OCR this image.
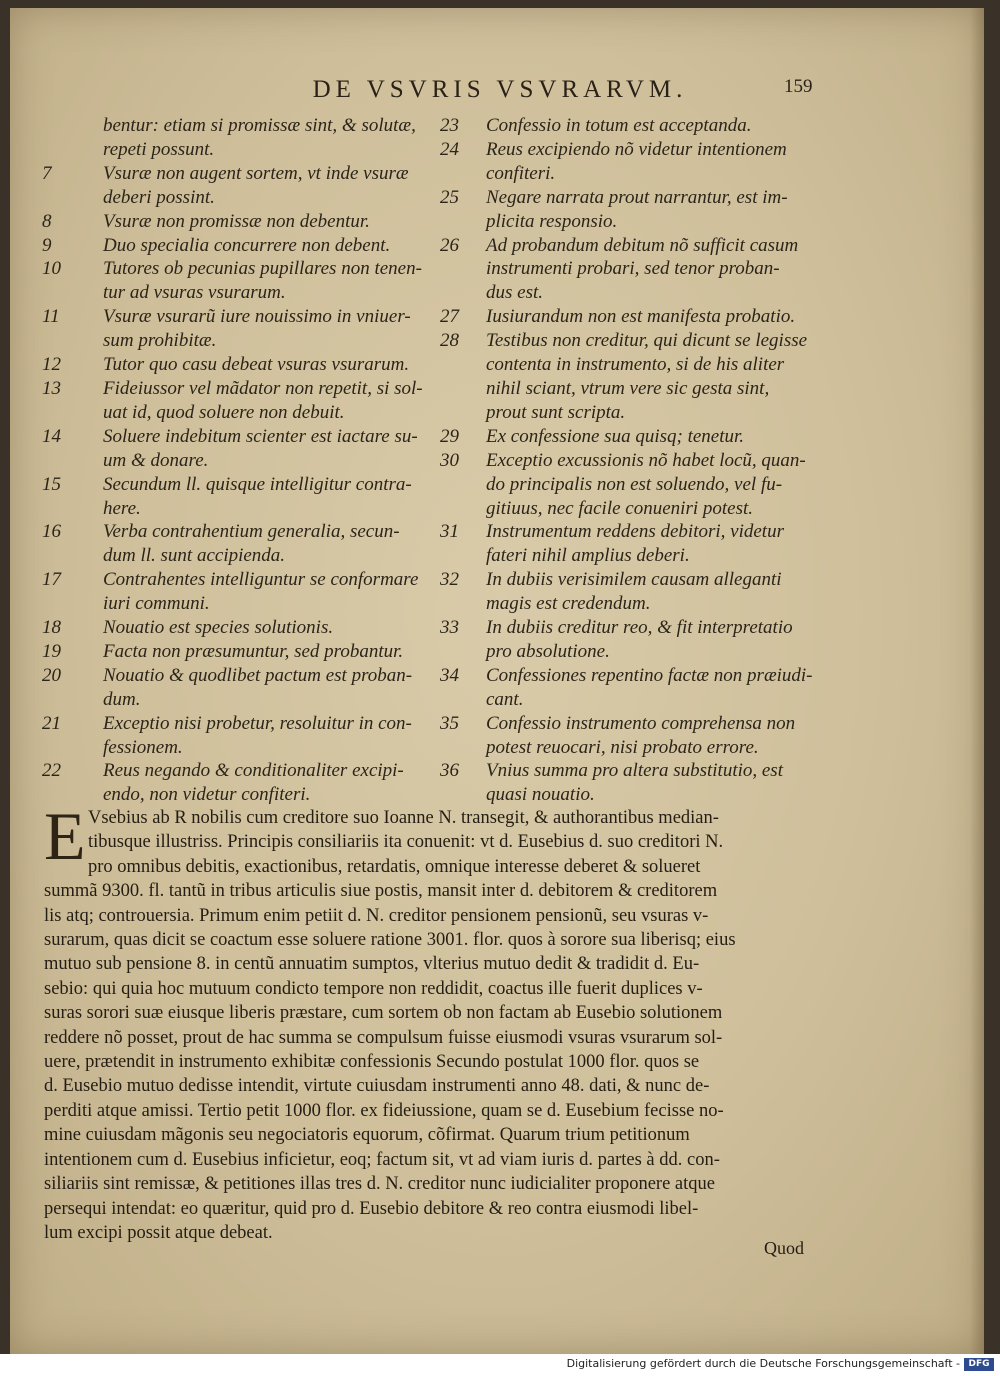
DE VSVRIS VSVRARVM.	159
bentur: etiam si promissæ sint, & solutæ,
repeti possunt.
7	Vsuræ non augent sortem, vt inde vsuræ
deberi possint.
8	Vsuræ non promissæ non debentur.
9	Duo specialia concurrere non debent.
10	Tutores ob pecunias pupillares non tenen-
tur ad vsuras vsurarum.
11	Vsuræ vsurarũ iure nouissimo in vniuer-
sum prohibitæ.
12	Tutor quo casu debeat vsuras vsurarum.
13	Fideiussor vel mãdator non repetit, si sol-
uat id, quod soluere non debuit.
14	Soluere indebitum scienter est iactare su-
um & donare.
15	Secundum ll. quisque intelligitur contra-
here.
16	Verba contrahentium generalia, secun-
dum ll. sunt accipienda.
17	Contrahentes intelliguntur se conformare
iuri communi.
18	Nouatio est species solutionis.
19	Facta non præsumuntur, sed probantur.
20	Nouatio & quodlibet pactum est proban-
dum.
21	Exceptio nisi probetur, resoluitur in con-
fessionem.
22	Reus negando & conditionaliter excipi-
endo, non videtur confiteri.
23	Confessio in totum est acceptanda.
24	Reus excipiendo nõ videtur intentionem
confiteri.
25	Negare narrata prout narrantur, est im-
plicita responsio.
26	Ad probandum debitum nõ sufficit casum
instrumenti probari, sed tenor proban-
dus est.
27	Iusiurandum non est manifesta probatio.
28	Testibus non creditur, qui dicunt se legisse
contenta in instrumento, si de his aliter
nihil sciant, vtrum vere sic gesta sint,
prout sunt scripta.
29	Ex confessione sua quisq; tenetur.
30	Exceptio excussionis nõ habet locũ, quan-
do principalis non est soluendo, vel fu-
gitiuus, nec facile conueniri potest.
31	Instrumentum reddens debitori, videtur
fateri nihil amplius deberi.
32	In dubiis verisimilem causam alleganti
magis est credendum.
33	In dubiis creditur reo, & fit interpretatio
pro absolutione.
34	Confessiones repentino factæ non præiudi-
cant.
35	Confessio instrumento comprehensa non
potest reuocari, nisi probato errore.
36	Vnius summa pro altera substitutio, est
quasi nouatio.
E Vsebius ab R nobilis cum creditore suo Ioanne N. transegit, & authorantibus median-
tibusque illustriss. Principis consiliariis ita conuenit: vt d. Eusebius d. suo creditori N.
pro omnibus debitis, exactionibus, retardatis, omnique interesse deberet & solueret
summã 9300. fl. tantũ in tribus articulis siue postis, mansit inter d. debitorem & creditorem
lis atq; controuersia. Primum enim petiit d. N. creditor pensionem pensionũ, seu vsuras v-
surarum, quas dicit se coactum esse soluere ratione 3001. flor. quos à sorore sua liberisq; eius
mutuo sub pensione 8. in centũ annuatim sumptos, vlterius mutuo dedit & tradidit d. Eu-
sebio: qui quia hoc mutuum condicto tempore non reddidit, coactus ille fuerit duplices v-
suras sorori suæ eiusque liberis præstare, cum sortem ob non factam ab Eusebio solutionem
reddere nõ posset, prout de hac summa se compulsum fuisse eiusmodi vsuras vsurarum sol-
uere, prætendit in instrumento exhibitæ confessionis Secundo postulat 1000 flor. quos se
d. Eusebio mutuo dedisse intendit, virtute cuiusdam instrumenti anno 48. dati, & nunc de-
perditi atque amissi. Tertio petit 1000 flor. ex fideiussione, quam se d. Eusebium fecisse no-
mine cuiusdam mãgonis seu negociatoris equorum, cõfirmat. Quarum trium petitionum
intentionem cum d. Eusebius inficietur, eoq; factum sit, vt ad viam iuris d. partes à dd. con-
siliariis sint remissæ, & petitiones illas tres d. N. creditor nunc iudicialiter proponere atque
persequi intendat: eo quæritur, quid pro d. Eusebio debitore & reo contra eiusmodi libel-
lum excipi possit atque debeat.
Quod
Digitalisierung gefördert durch die Deutsche Forschungsgemeinschaft - DFG
